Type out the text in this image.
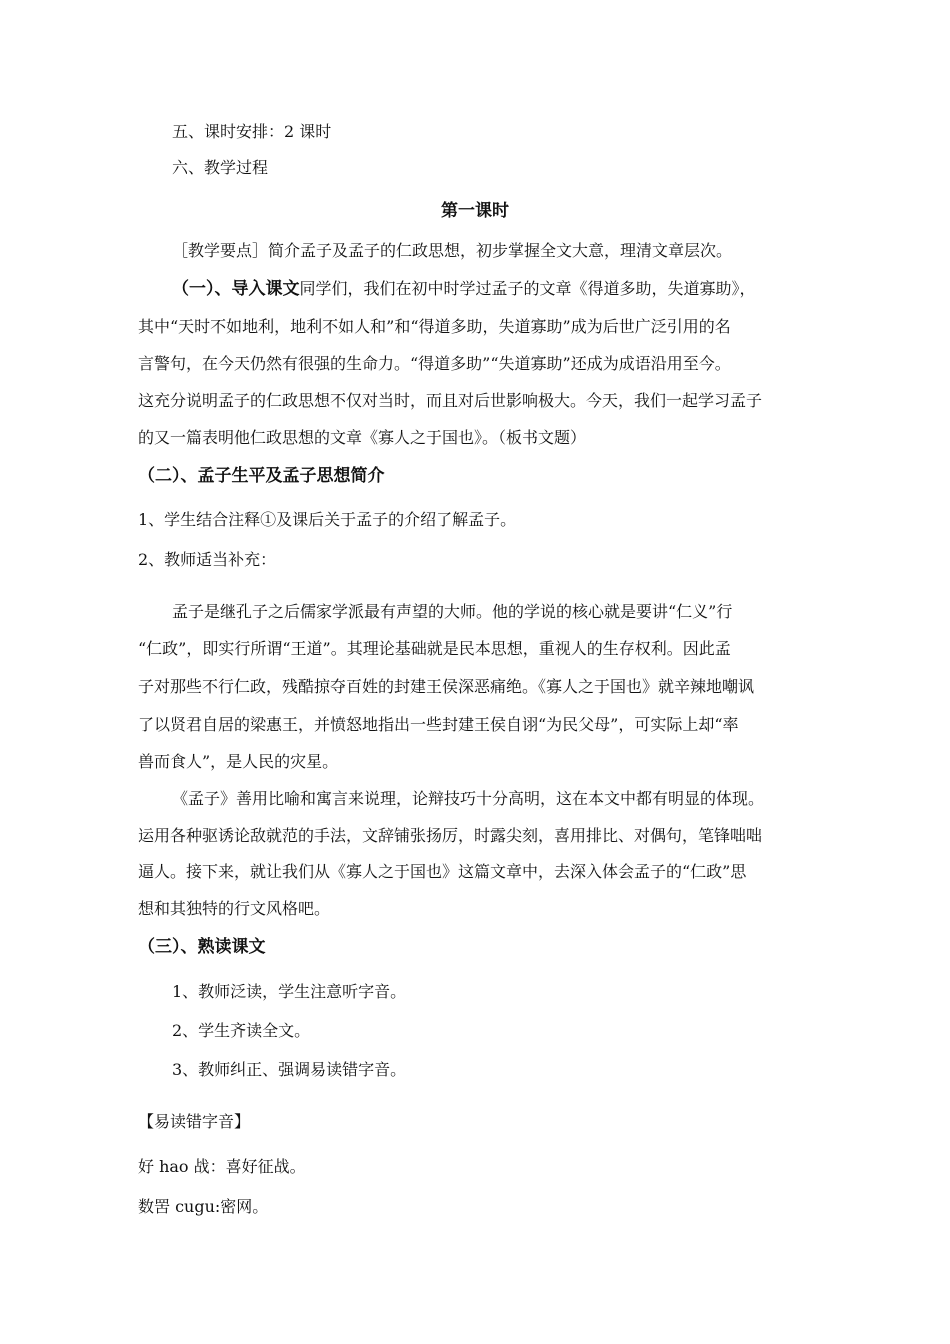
五、课时安排：2 课时
六、教学过程
第一课时
［教学要点］简介孟子及孟子的仁政思想，初步掌握全文大意，理清文章层次。
（一）、导入课文同学们，我们在初中时学过孟子的文章《得道多助，失道寡助》，
其中“天时不如地利，地利不如人和”和“得道多助，失道寡助”成为后世广泛引用的名
言警句，在今天仍然有很强的生命力。“得道多助”“失道寡助”还成为成语沿用至今。
这充分说明孟子的仁政思想不仅对当时，而且对后世影响极大。今天，我们一起学习孟子
的又一篇表明他仁政思想的文章《寡人之于国也》。（板书文题）
（二）、孟子生平及孟子思想简介
1、学生结合注释①及课后关于孟子的介绍了解孟子。
2、教师适当补充：
孟子是继孔子之后儒家学派最有声望的大师。他的学说的核心就是要讲“仁义”行
“仁政”，即实行所谓“王道”。其理论基础就是民本思想，重视人的生存权利。因此孟
子对那些不行仁政，残酷掠夺百姓的封建王侯深恶痛绝。《寡人之于国也》就辛辣地嘲讽
了以贤君自居的梁惠王，并愤怒地指出一些封建王侯自诩“为民父母”，可实际上却“率
兽而食人”，是人民的灾星。
《孟子》善用比喻和寓言来说理，论辩技巧十分高明，这在本文中都有明显的体现。
运用各种驱诱论敌就范的手法，文辞铺张扬厉，时露尖刻，喜用排比、对偶句，笔锋咄咄
逼人。接下来，就让我们从《寡人之于国也》这篇文章中，去深入体会孟子的“仁政”思
想和其独特的行文风格吧。
（三）、熟读课文
1、教师泛读，学生注意听字音。
2、学生齐读全文。
3、教师纠正、强调易读错字音。
【易读错字音】
好 hao 战：喜好征战。
数罟 cugu:密网。
